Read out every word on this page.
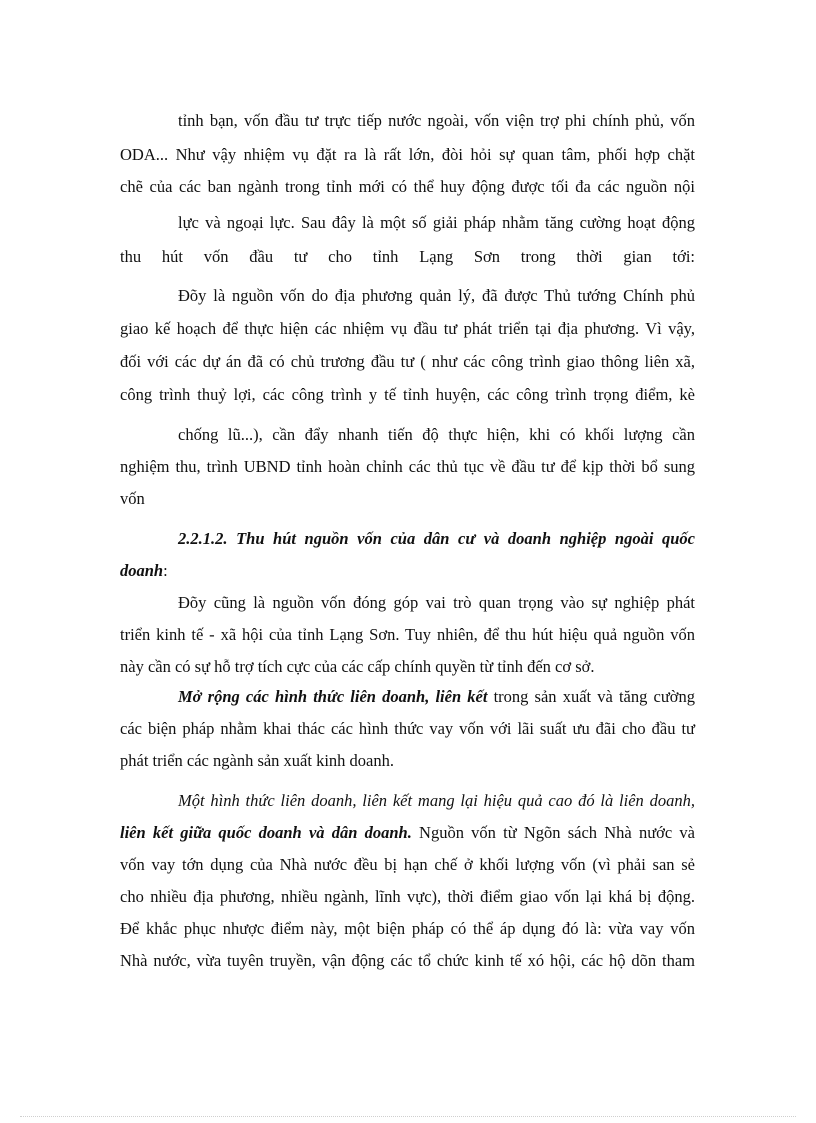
tỉnh bạn, vốn đầu tư trực tiếp nước ngoài, vốn viện trợ phi chính phủ, vốn
ODA... Như vậy nhiệm vụ đặt ra là rất lớn, đòi hỏi sự quan tâm, phối hợp chặt
chẽ của các ban ngành trong tỉnh mới có thể huy động được tối đa các nguồn nội
lực và ngoại lực. Sau đây là một số giải pháp nhằm tăng cường hoạt động
thu hút vốn đầu tư cho tỉnh Lạng Sơn trong thời gian tới:
Đõy là nguồn vốn do địa phương quản lý, đã được Thủ tướng Chính phủ
giao kế hoạch để thực hiện các nhiệm vụ đầu tư phát triển tại địa phương. Vì vậy,
đối với các dự án đã có chủ trương đầu tư ( như các công trình giao thông liên xã,
công trình thuỷ lợi, các công trình y tế tỉnh huyện, các công trình trọng điểm, kè
chống lũ...), cần đẩy nhanh tiến độ thực hiện, khi có khối lượng cần
nghiệm thu, trình UBND tỉnh hoàn chỉnh các thủ tục về đầu tư để kịp thời bổ sung
vốn
2.2.1.2. Thu hút nguồn vốn của dân cư và doanh nghiệp ngoài quốc
doanh:
Đõy cũng là nguồn vốn đóng góp vai trò quan trọng vào sự nghiệp phát
triển kinh tế - xã hội của tỉnh Lạng Sơn. Tuy nhiên, để thu hút hiệu quả nguồn vốn
này cần có sự hỗ trợ tích cực của các cấp chính quyền từ tỉnh đến cơ sở.
Mở rộng các hình thức liên doanh, liên kết trong sản xuất và tăng cường
các biện pháp nhằm khai thác các hình thức vay vốn với lãi suất ưu đãi cho đầu tư
phát triển các ngành sản xuất kinh doanh.
Một hình thức liên doanh, liên kết mang lại hiệu quả cao đó là liên doanh,
liên kết giữa quốc doanh và dân doanh. Nguồn vốn từ Ngõn sách Nhà nước và
vốn vay tớn dụng của Nhà nước đều bị hạn chế ở khối lượng vốn (vì phải san sẻ
cho nhiều địa phương, nhiều ngành, lĩnh vực), thời điểm giao vốn lại khá bị động.
Để khắc phục nhược điểm này, một biện pháp có thể áp dụng đó là: vừa vay vốn
Nhà nước, vừa tuyên truyền, vận động các tổ chức kinh tế xó hội, các hộ dõn tham
